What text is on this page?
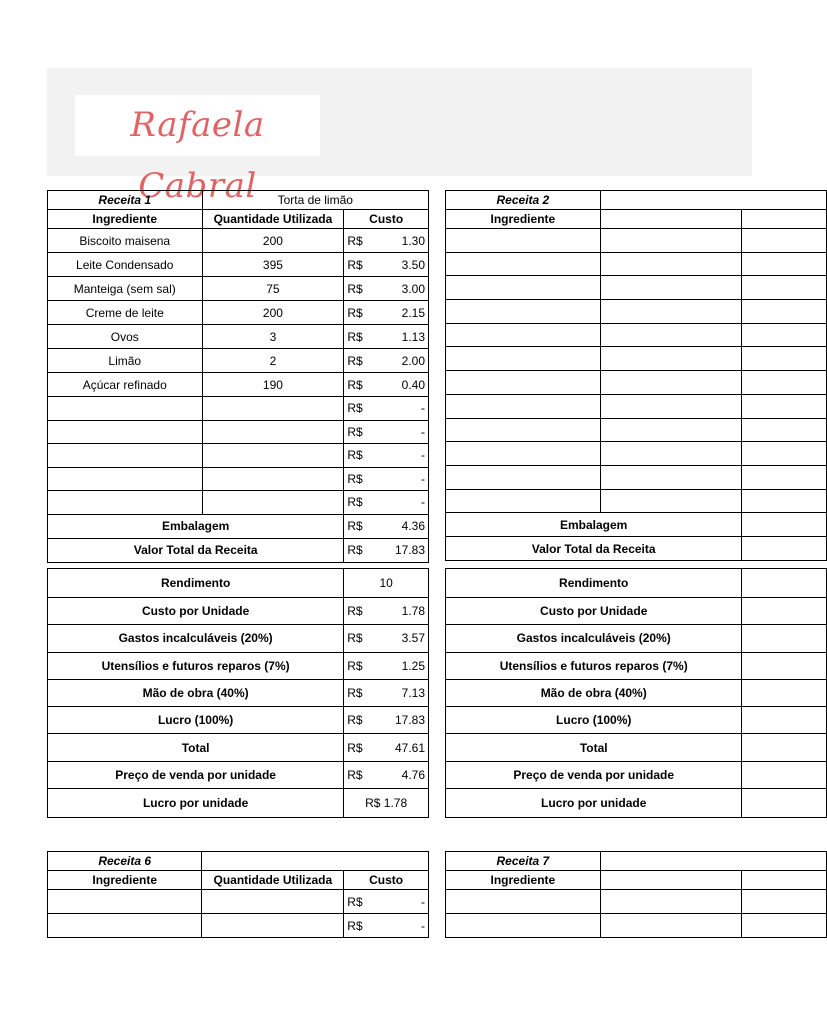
Rafaela Cabral
Receita 1	Torta de limão	
Ingrediente	Quantidade Utilizada	Custo
Biscoito maisena	200	R$ 1.30

Leite Condensado	395	R$ 3.50

Manteiga (sem sal)	75	R$ 3.00

Creme de leite	200	R$ 2.15

Ovos	3	R$ 1.13

Limão	2	R$ 2.00

Açúcar refinado	190	R$ 0.40

		R$ -

		R$ -

		R$ -

		R$ -

		R$ -

Embalagem		R$ 4.36

Valor Total da Receita		R$ 17.83
Rendimento	10
Custo por Unidade	R$ 1.78

Gastos incalculáveis (20%)	R$ 3.57

Utensílios e futuros reparos (7%)	R$ 1.25

Mão de obra (40%)	R$ 7.13

Lucro (100%)	R$ 17.83

Total	R$ 47.61

Preço de venda por unidade	R$ 4.76

Lucro por unidade	R$ 1.78
Receita 2		
Ingrediente		

Embalagem		
Valor Total da Receita		
Rendimento	
Custo por Unidade	
Gastos incalculáveis (20%)	
Utensílios e futuros reparos (7%)	
Mão de obra (40%)	
Lucro (100%)	
Total	
Preço de venda por unidade	
Lucro por unidade	
Receita 6		
Ingrediente	Quantidade Utilizada	Custo

		R$ -

		R$ -
Receita 7		
Ingrediente		
